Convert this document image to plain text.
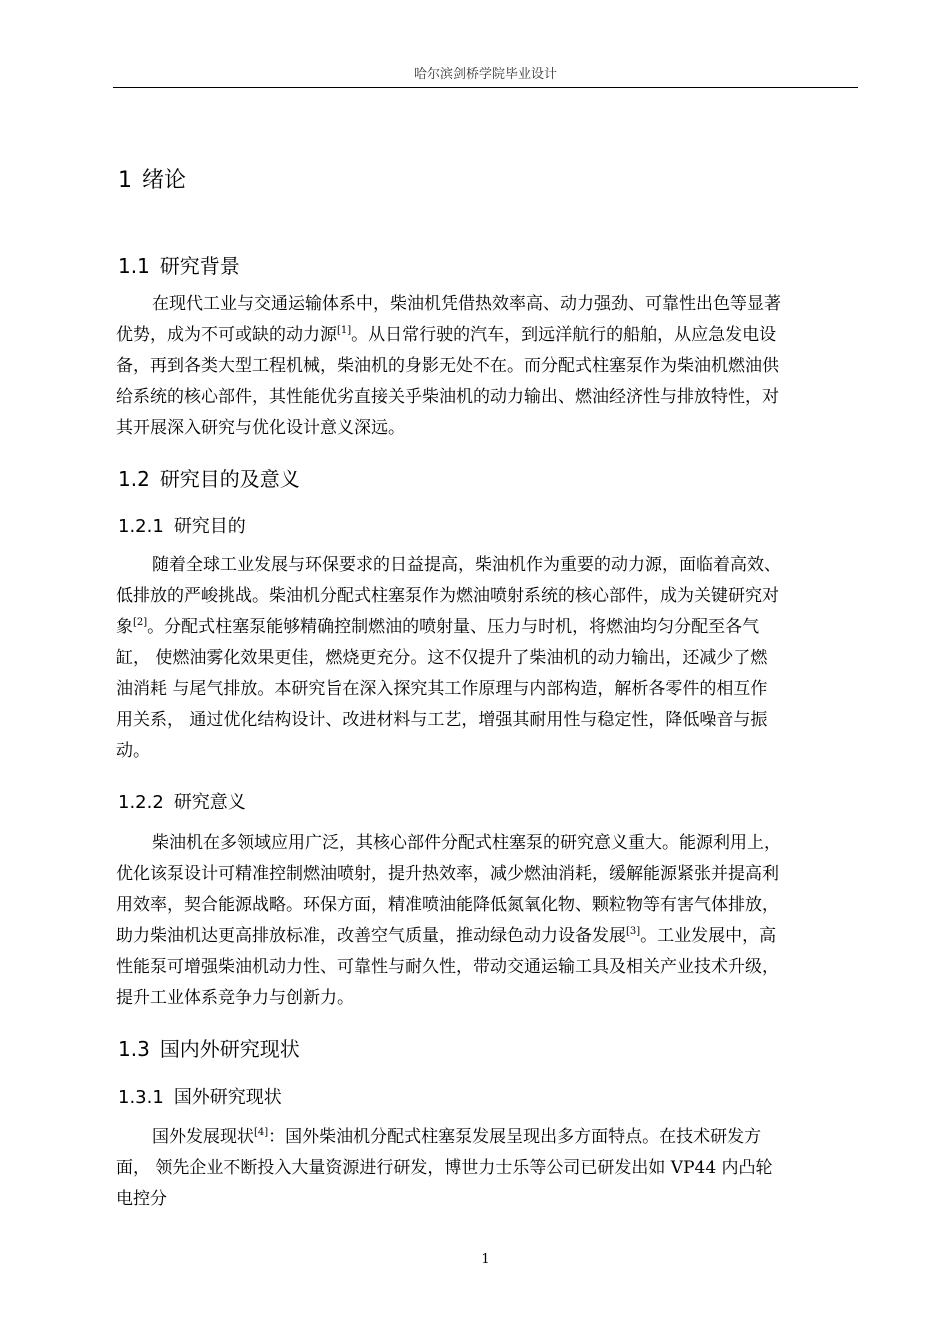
哈尔滨剑桥学院毕业设计
1 绪论
1.1 研究背景
在现代工业与交通运输体系中，柴油机凭借热效率高、动力强劲、可靠性出色等显著
优势，成为不可或缺的动力源[1]。从日常行驶的汽车，到远洋航行的船舶，从应急发电设
备，再到各类大型工程机械，柴油机的身影无处不在。而分配式柱塞泵作为柴油机燃油供
给系统的核心部件，其性能优劣直接关乎柴油机的动力输出、燃油经济性与排放特性，对
其开展深入研究与优化设计意义深远。
1.2 研究目的及意义
1.2.1 研究目的
随着全球工业发展与环保要求的日益提高，柴油机作为重要的动力源，面临着高效、
低排放的严峻挑战。柴油机分配式柱塞泵作为燃油喷射系统的核心部件，成为关键研究对
象[2]。分配式柱塞泵能够精确控制燃油的喷射量、压力与时机，将燃油均匀分配至各气
缸， 使燃油雾化效果更佳，燃烧更充分。这不仅提升了柴油机的动力输出，还减少了燃
油消耗 与尾气排放。本研究旨在深入探究其工作原理与内部构造，解析各零件的相互作
用关系， 通过优化结构设计、改进材料与工艺，增强其耐用性与稳定性，降低噪音与振
动。
1.2.2 研究意义
柴油机在多领域应用广泛，其核心部件分配式柱塞泵的研究意义重大。能源利用上，
优化该泵设计可精准控制燃油喷射，提升热效率，减少燃油消耗，缓解能源紧张并提高利
用效率，契合能源战略。环保方面，精准喷油能降低氮氧化物、颗粒物等有害气体排放，
助力柴油机达更高排放标准，改善空气质量，推动绿色动力设备发展[3]。工业发展中，高
性能泵可增强柴油机动力性、可靠性与耐久性，带动交通运输工具及相关产业技术升级，
提升工业体系竞争力与创新力。
1.3 国内外研究现状
1.3.1 国外研究现状
国外发展现状[4]：国外柴油机分配式柱塞泵发展呈现出多方面特点。在技术研发方
面， 领先企业不断投入大量资源进行研发，博世力士乐等公司已研发出如 VP44 内凸轮
电控分
1
